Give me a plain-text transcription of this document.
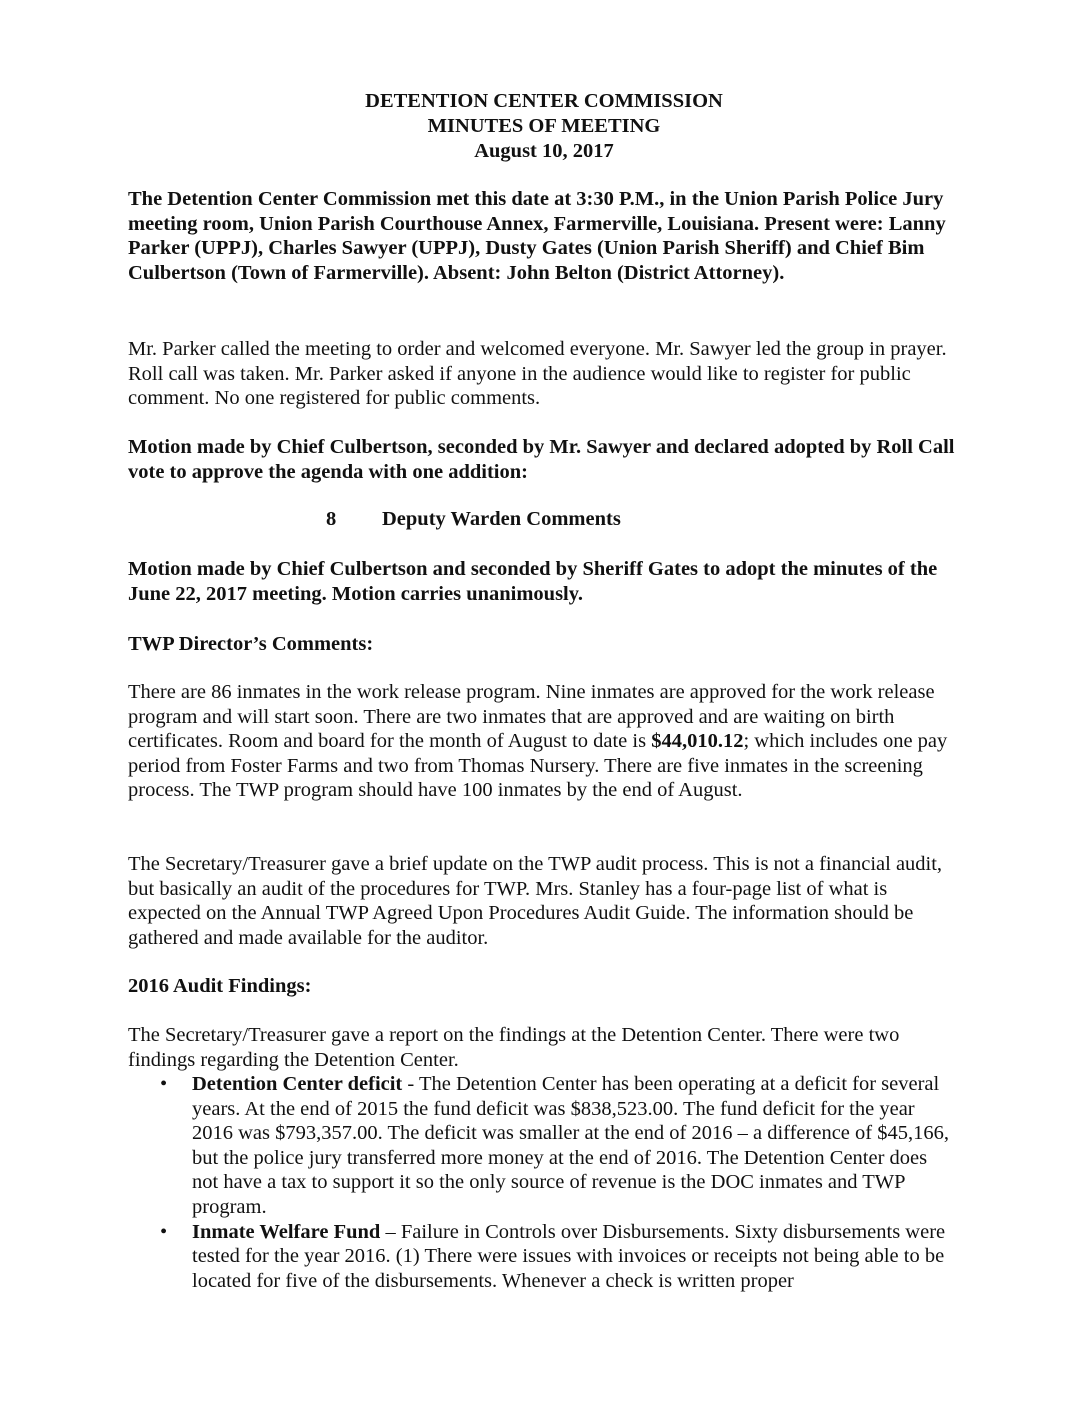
DETENTION CENTER COMMISSION
MINUTES OF MEETING
August 10, 2017

The Detention Center Commission met this date at 3:30 P.M., in the Union Parish Police Jury meeting room, Union Parish Courthouse Annex, Farmerville, Louisiana. Present were: Lanny Parker (UPPJ), Charles Sawyer (UPPJ), Dusty Gates (Union Parish Sheriff) and Chief Bim Culbertson (Town of Farmerville). Absent: John Belton (District Attorney).

Mr. Parker called the meeting to order and welcomed everyone. Mr. Sawyer led the group in prayer. Roll call was taken. Mr. Parker asked if anyone in the audience would like to register for public comment. No one registered for public comments.

Motion made by Chief Culbertson, seconded by Mr. Sawyer and declared adopted by Roll Call vote to approve the agenda with one addition:

8 Deputy Warden Comments

Motion made by Chief Culbertson and seconded by Sheriff Gates to adopt the minutes of the June 22, 2017 meeting. Motion carries unanimously.

TWP Director’s Comments:

There are 86 inmates in the work release program. Nine inmates are approved for the work release program and will start soon. There are two inmates that are approved and are waiting on birth certificates. Room and board for the month of August to date is $44,010.12; which includes one pay period from Foster Farms and two from Thomas Nursery. There are five inmates in the screening process. The TWP program should have 100 inmates by the end of August.

The Secretary/Treasurer gave a brief update on the TWP audit process. This is not a financial audit, but basically an audit of the procedures for TWP. Mrs. Stanley has a four-page list of what is expected on the Annual TWP Agreed Upon Procedures Audit Guide. The information should be gathered and made available for the auditor.

2016 Audit Findings:

The Secretary/Treasurer gave a report on the findings at the Detention Center. There were two findings regarding the Detention Center.

• Detention Center deficit - The Detention Center has been operating at a deficit for several years. At the end of 2015 the fund deficit was $838,523.00. The fund deficit for the year 2016 was $793,357.00. The deficit was smaller at the end of 2016 – a difference of $45,166, but the police jury transferred more money at the end of 2016. The Detention Center does not have a tax to support it so the only source of revenue is the DOC inmates and TWP program.
• Inmate Welfare Fund – Failure in Controls over Disbursements. Sixty disbursements were tested for the year 2016. (1) There were issues with invoices or receipts not being able to be located for five of the disbursements. Whenever a check is written proper
